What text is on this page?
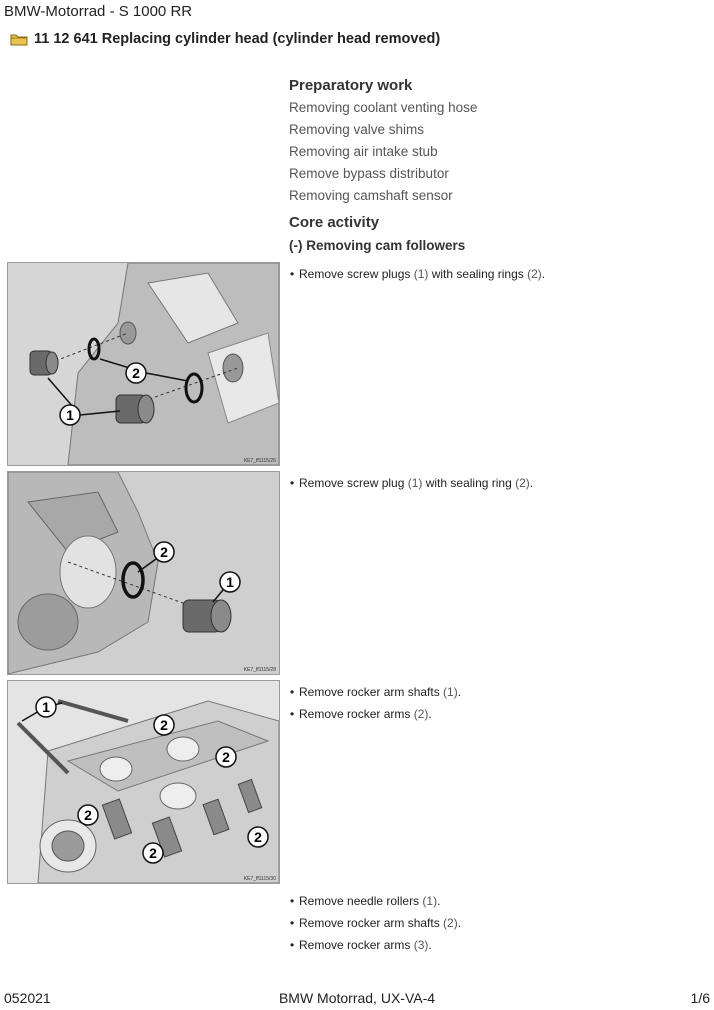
BMW-Motorrad - S 1000 RR
11 12 641 Replacing cylinder head (cylinder head removed)
Preparatory work
Removing coolant venting hose
Removing valve shims
Removing air intake stub
Remove bypass distributor
Removing camshaft sensor
Core activity
(-) Removing cam followers
• Remove screw plugs (1) with sealing rings (2).
• Remove screw plug (1) with sealing ring (2).
• Remove rocker arm shafts (1).
• Remove rocker arms (2).
• Remove needle rollers (1).
• Remove rocker arm shafts (2).
• Remove rocker arms (3).
2
1
KE7_ff1115/26
2
1
KE7_ff1115/28
1
2
2
2
2
2
KE7_ff1115/30
052021	BMW Motorrad, UX-VA-4	1/6
